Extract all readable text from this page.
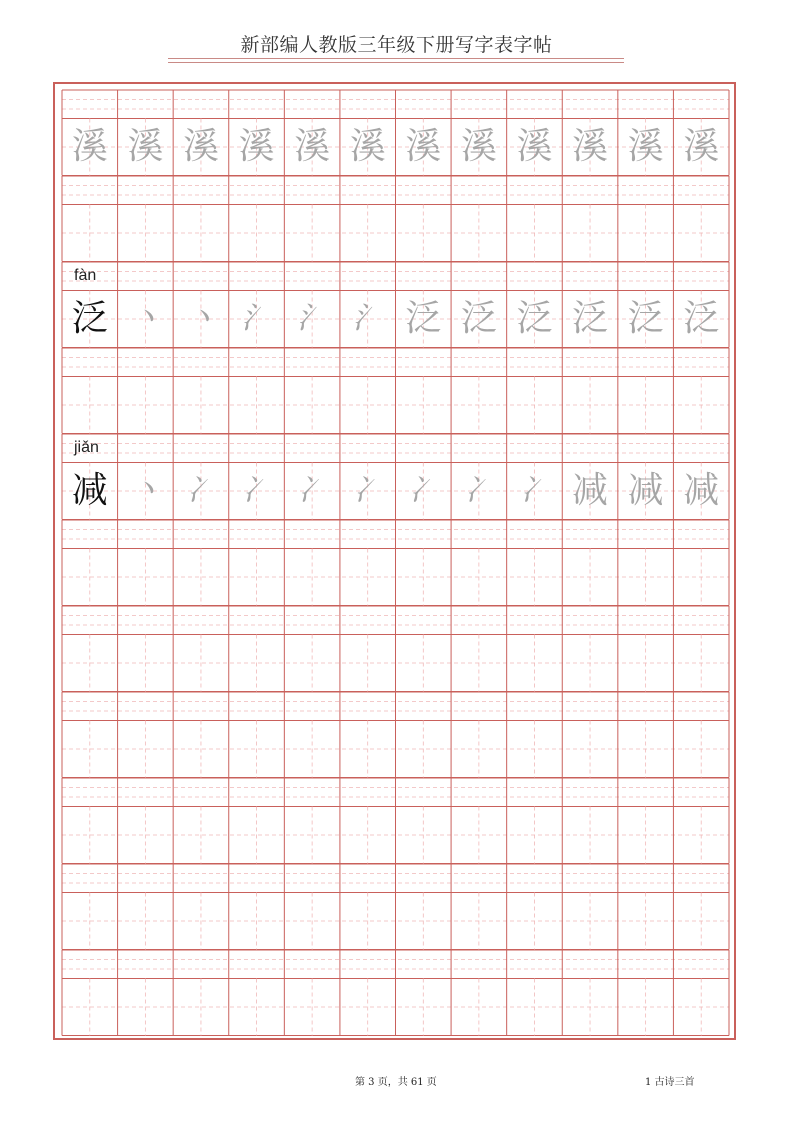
新部编人教版三年级下册写字表字帖
溪 溪 溪 溪 溪 溪 溪 溪 溪 溪 溪 溪
fàn
泛 丶 丶 氵 氵 氵 泛 泛 泛 泛 泛 泛
jiǎn
减 丶 冫 冫 冫 冫 冫 冫 冫 减 减 减
第 3 页，共 61 页	1 古诗三首
